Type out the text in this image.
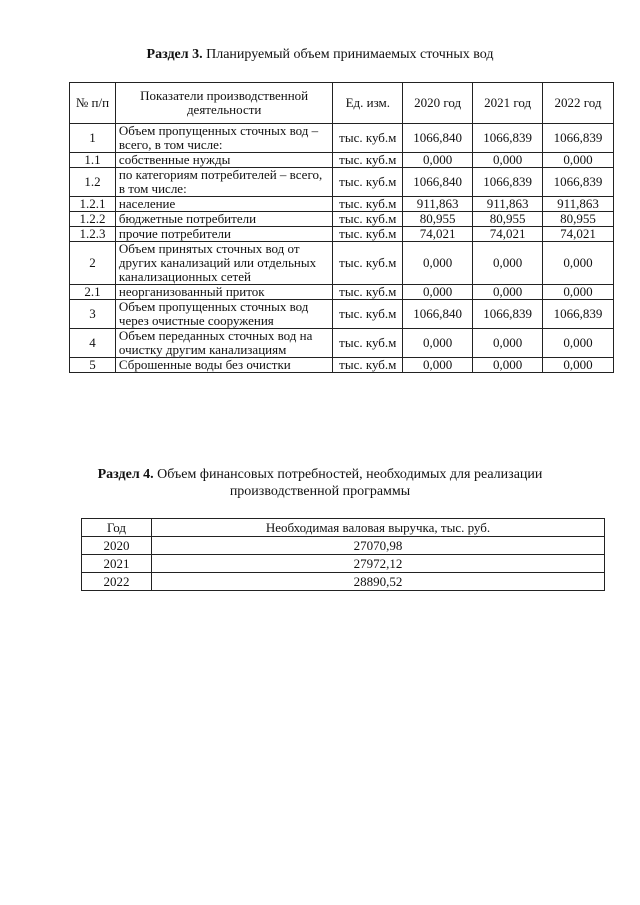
Раздел 3. Планируемый объем принимаемых сточных вод
№ п/п	Показатели производственной деятельности	Ед. изм.	2020 год	2021 год	2022 год
1	Объем пропущенных сточных вод – всего, в том числе:	тыс. куб.м	1066,840	1066,839	1066,839
1.1	собственные нужды	тыс. куб.м	0,000	0,000	0,000
1.2	по категориям потребителей – всего, в том числе:	тыс. куб.м	1066,840	1066,839	1066,839
1.2.1	население	тыс. куб.м	911,863	911,863	911,863
1.2.2	бюджетные потребители	тыс. куб.м	80,955	80,955	80,955
1.2.3	прочие потребители	тыс. куб.м	74,021	74,021	74,021
2	Объем принятых сточных вод от других канализаций или отдельных канализационных сетей	тыс. куб.м	0,000	0,000	0,000
2.1	неорганизованный приток	тыс. куб.м	0,000	0,000	0,000
3	Объем пропущенных сточных вод через очистные сооружения	тыс. куб.м	1066,840	1066,839	1066,839
4	Объем переданных сточных вод на очистку другим канализациям	тыс. куб.м	0,000	0,000	0,000
5	Сброшенные воды без очистки	тыс. куб.м	0,000	0,000	0,000
Раздел 4. Объем финансовых потребностей, необходимых для реализации
производственной программы
Год	Необходимая валовая выручка, тыс. руб.
2020	27070,98
2021	27972,12
2022	28890,52
